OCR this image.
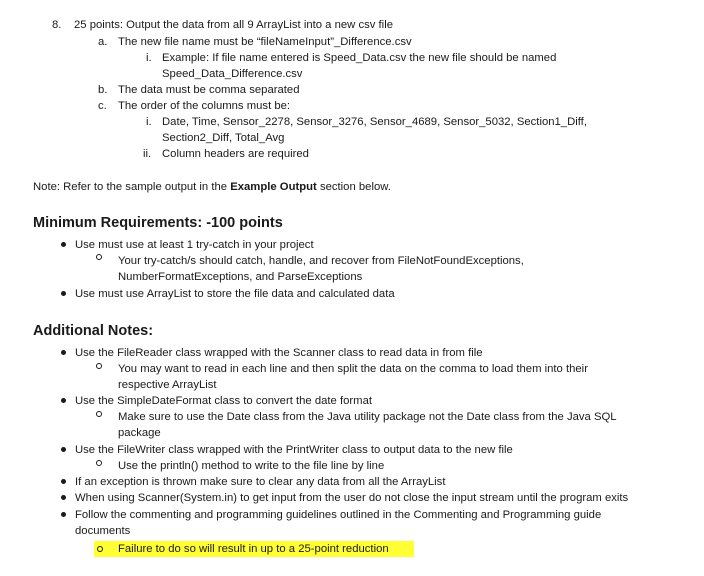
8. 25 points: Output the data from all 9 ArrayList into a new csv file
a. The new file name must be “fileNameInput”_Difference.csv
i. Example: If file name entered is Speed_Data.csv the new file should be named
Speed_Data_Difference.csv
b. The data must be comma separated
c. The order of the columns must be:
i. Date, Time, Sensor_2278, Sensor_3276, Sensor_4689, Sensor_5032, Section1_Diff,
Section2_Diff, Total_Avg
ii. Column headers are required
Note: Refer to the sample output in the Example Output section below.
Minimum Requirements: -100 points
Use must use at least 1 try-catch in your project
Your try-catch/s should catch, handle, and recover from FileNotFoundExceptions,
NumberFormatExceptions, and ParseExceptions
Use must use ArrayList to store the file data and calculated data
Additional Notes:
Use the FileReader class wrapped with the Scanner class to read data in from file
You may want to read in each line and then split the data on the comma to load them into their
respective ArrayList
Use the SimpleDateFormat class to convert the date format
Make sure to use the Date class from the Java utility package not the Date class from the Java SQL
package
Use the FileWriter class wrapped with the PrintWriter class to output data to the new file
Use the println() method to write to the file line by line
If an exception is thrown make sure to clear any data from all the ArrayList
When using Scanner(System.in) to get input from the user do not close the input stream until the program exits
Follow the commenting and programming guidelines outlined in the Commenting and Programming guide
documents
Failure to do so will result in up to a 25-point reduction
